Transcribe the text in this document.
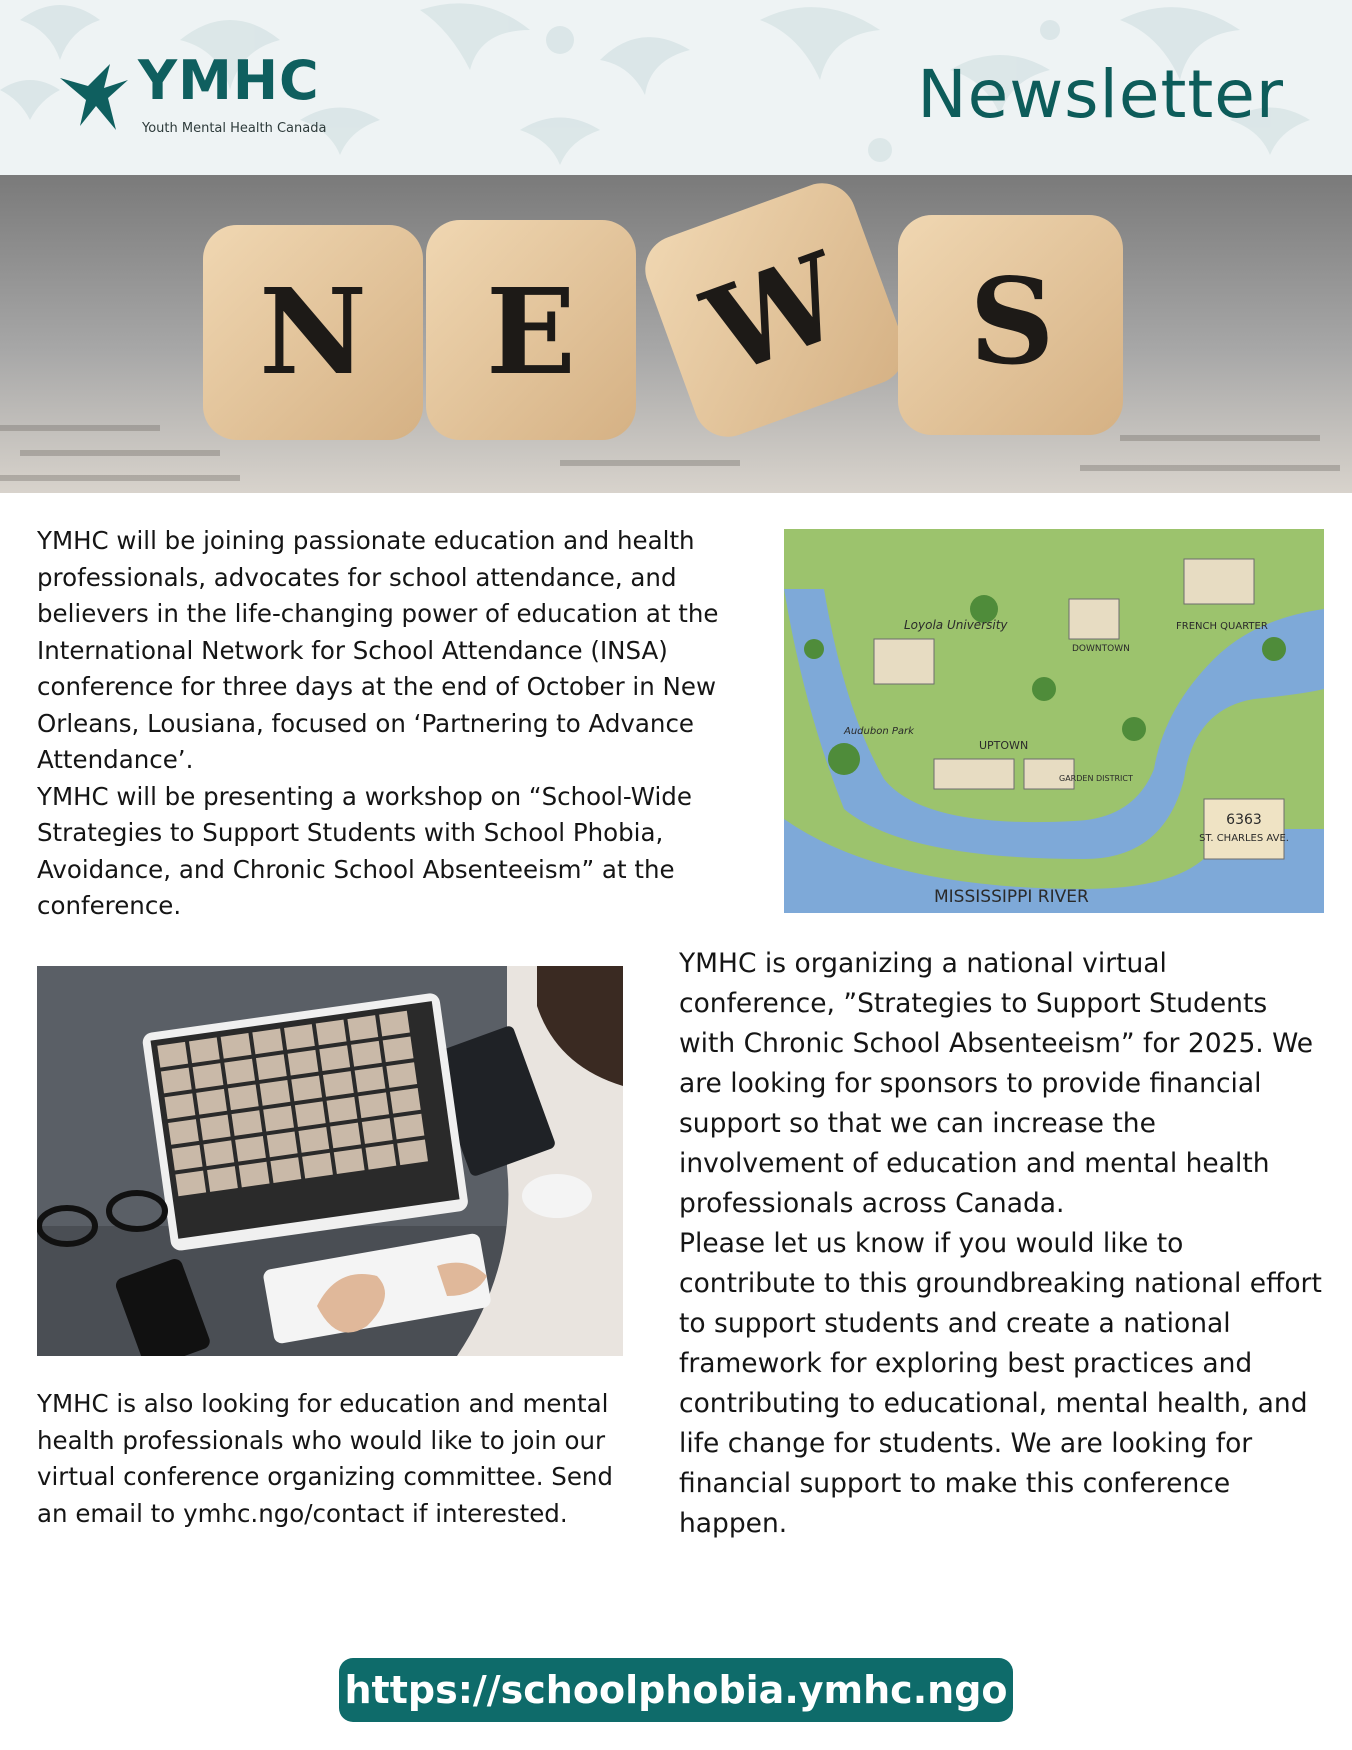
YMHC
Youth Mental Health Canada	Newsletter
N E W S

YMHC will be joining passionate education and health professionals, advocates for school attendance, and believers in the life-changing power of education at the International Network for School Attendance (INSA) conference for three days at the end of October in New Orleans, Lousiana, focused on ‘Partnering to Advance Attendance’.

YMHC will be presenting a workshop on “School-Wide Strategies to Support Students with School Phobia, Avoidance, and Chronic School Absenteeism” at the conference.	MISSISSIPPI RIVER
6363
ST. CHARLES AVE.
Loyola University	FRENCH QUARTER
DOWNTOWN
UPTOWN
Audubon Park
GARDEN DISTRICT

YMHC is also looking for education and mental health professionals who would like to join our virtual conference organizing committee. Send an email to ymhc.ngo/contact if interested.

YMHC is organizing a national virtual conference, ”Strategies to Support Students with Chronic School Absenteeism” for 2025. We are looking for sponsors to provide financial support so that we can increase the involvement of education and mental health professionals across Canada.

Please let us know if you would like to contribute to this groundbreaking national effort to support students and create a national framework for exploring best practices and contributing to educational, mental health, and life change for students. We are looking for financial support to make this conference happen.

https://schoolphobia.ymhc.ngo
